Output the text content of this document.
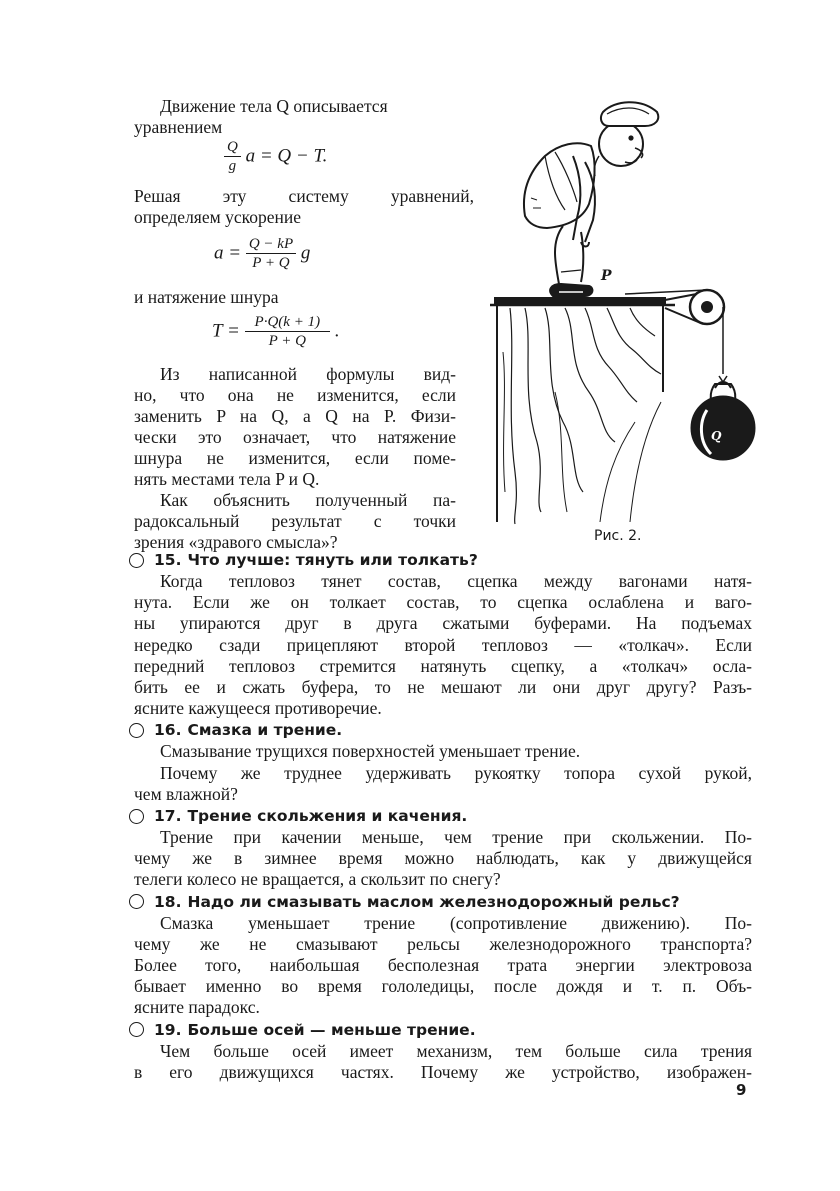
Движение тела Q описывается
уравнением
$\frac{Q}{g}$ a = Q − T.
Решая эту систему уравнений,
определяем ускорение
$a = \frac{Q - kP}{P + Q}$ g
и натяжение шнура
$T = \frac{P\cdot Q(k + 1)}{P + Q}$ .
Из написанной формулы вид-
но, что она не изменится, если
заменить P на Q, а Q на P. Физи-
чески это означает, что натяжение
шнура не изменится, если поме-
нять местами тела P и Q.
Как объяснить полученный па-
радоксальный результат с точки
зрения «здравого смысла»?
P
Q
Рис. 2.
15. Что лучше: тянуть или толкать?

Когда тепловоз тянет состав, сцепка между вагонами натя-

нута. Если же он толкает состав, то сцепка ослаблена и ваго-

ны упираются друг в друга сжатыми буферами. На подъемах

нередко сзади прицепляют второй тепловоз — «толкач». Если

передний тепловоз стремится натянуть сцепку, а «толкач» осла-

бить ее и сжать буфера, то не мешают ли они друг другу? Разъ-

ясните кажущееся противоречие.

16. Смазка и трение.

Смазывание трущихся поверхностей уменьшает трение.

Почему же труднее удерживать рукоятку топора сухой рукой,

чем влажной?

17. Трение скольжения и качения.

Трение при качении меньше, чем трение при скольжении. По-

чему же в зимнее время можно наблюдать, как у движущейся

телеги колесо не вращается, а скользит по снегу?

18. Надо ли смазывать маслом железнодорожный рельс?

Смазка уменьшает трение (сопротивление движению). По-

чему же не смазывают рельсы железнодорожного транспорта?

Более того, наибольшая бесполезная трата энергии электровоза

бывает именно во время гололедицы, после дождя и т. п. Объ-

ясните парадокс.

19. Больше осей — меньше трение.

Чем больше осей имеет механизм, тем больше сила трения

в его движущихся частях. Почему же устройство, изображен-

9
